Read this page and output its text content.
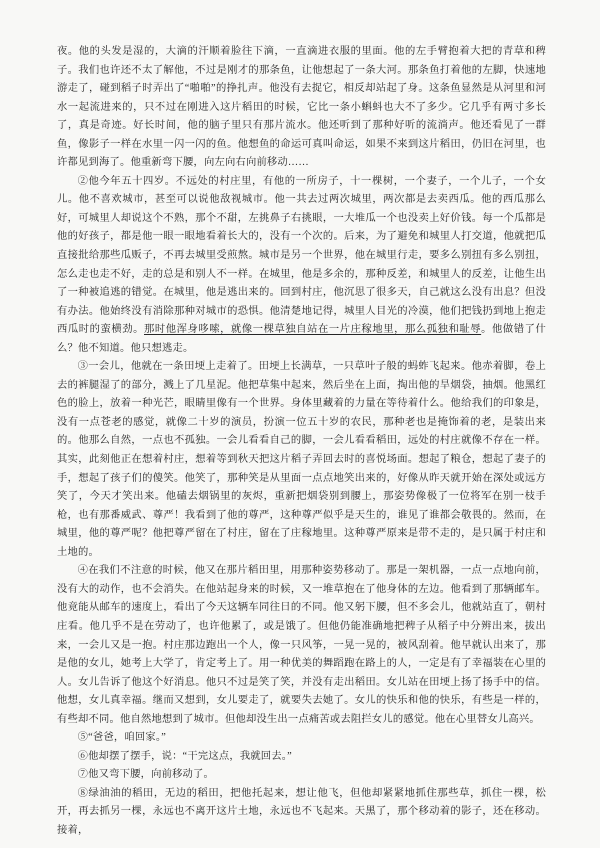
夜。他的头发是湿的，大滴的汗顺着脸往下滴，一直滴进衣服的里面。他的左手臂抱着大把的青草和稗子。我们也许还不太了解他，不过是刚才的那条鱼，让他想起了一条大河。那条鱼打着他的左脚，快速地游走了，碰到稻子时弄出了“啪啪”的挣扎声。他没有去捉它，相反却站起了身。这条鱼显然是从河里和河水一起流进来的，只不过在刚进入这片稻田的时候，它比一条小蝌蚪也大不了多少。它几乎有两寸多长了，真是奇迹。好长时间，他的脑子里只有那片流水。他还听到了那种好听的流淌声。他还看见了一群鱼，像影子一样在水里一闪一闪的鱼。他想鱼的命运可真叫命运，如果不来到这片稻田，仍旧在河里，也许都见到海了。他重新弯下腰，向左向右向前移动……

②他今年五十四岁。不远处的村庄里，有他的一所房子，十一棵树，一个妻子，一个儿子，一个女儿。他不喜欢城市，甚至可以说他敌视城市。他一共去过两次城里，两次都是去卖西瓜。他的西瓜那么好，可城里人却说这个不熟，那个不甜，左挑鼻子右挑眼，一大堆瓜一个也没卖上好价钱。每一个瓜都是他的好孩子，都是他一眼一眼地看着长大的，没有一个次的。后来，为了避免和城里人打交道，他就把瓜直接批给那些瓜贩子，不再去城里受煎熬。城市是另一个世界，他在城里行走，要多么别扭有多么别扭，怎么走也走不好，走的总是和别人不一样。在城里，他是多余的，那种反差，和城里人的反差，让他生出了一种被追逃的错觉。在城里，他是逃出来的。回到村庄，他沉思了很多天，自己就这么没有出息？但没有办法。他始终没有消除那种对城市的恐惧。他清楚地记得，城里人目光的冷漠，他们把钱扔到地上抱走西瓜时的蛮横劲。那时他浑身哆嗦，就像一棵草独自站在一片庄稼地里，那么孤独和耻辱。他做错了什么？他不知道。他只想逃走。

③一会儿，他就在一条田埂上走着了。田埂上长满草，一只草叶子般的蚂蚱飞起来。他赤着脚，卷上去的裤腿湿了的部分，溅上了几星泥。他把草集中起来，然后坐在上面，掏出他的旱烟袋，抽烟。他黑红色的脸上，放着一种光芒，眼睛里像有一个世界。身体里藏着的力量在等待着什么。他给我们的印象是，没有一点苍老的感觉，就像二十岁的演员，扮演一位五十岁的农民，那种老也是掩饰着的老，是装出来的。他那么自然，一点也不孤独。一会儿看看自己的脚，一会儿看看稻田，远处的村庄就像不存在一样。其实，此刻他正在想着村庄，想着等到秋天把这片稻子弄回去时的喜悦场面。想起了粮仓，想起了妻子的手，想起了孩子们的傻笑。他笑了，那种笑是从里面一点点地笑出来的，好像从昨天就开始在深处或远方笑了，今天才笑出来。他磕去烟锅里的灰烬，重新把烟袋别到腰上，那姿势像极了一位将军在别一枝手枪，也有那番威武、尊严！我看到了他的尊严，这种尊严似乎是天生的，谁见了谁都会敬畏的。然而，在城里，他的尊严呢？他把尊严留在了村庄，留在了庄稼地里。这种尊严原来是带不走的，是只属于村庄和土地的。

④在我们不注意的时候，他又在那片稻田里，用那种姿势移动了。那是一架机器，一点一点地向前，没有大的动作，也不会消失。在他站起身来的时候，又一堆草抱在了他身体的左边。他看到了那辆邮车。他竟能从邮车的速度上，看出了今天这辆车同往日的不同。他又躬下腰，但不多会儿，他就站直了，朝村庄看。他几乎不是在劳动了，也许他累了，或是饿了。但他仍能准确地把稗子从稻子中分辨出来，拔出来，一会儿又是一抱。村庄那边跑出一个人，像一只风筝，一晃一晃的，被风刮着。他早就认出来了，那是他的女儿，她考上大学了，肯定考上了。用一种优美的舞蹈跑在路上的人，一定是有了幸福装在心里的人。女儿告诉了他这个好消息。他只不过是笑了笑，并没有走出稻田。女儿站在田埂上扬了扬手中的信。他想，女儿真幸福。继而又想到，女儿要走了，就要失去她了。女儿的快乐和他的快乐，有些是一样的，有些却不同。他自然地想到了城市。但他却没生出一点痛苦或去阻拦女儿的感觉。他在心里替女儿高兴。

⑤“爸爸，咱回家。”

⑥他却摆了摆手，说：“干完这点，我就回去。”

⑦他又弯下腰，向前移动了。

⑧绿油油的稻田，无边的稻田，把他托起来，想让他飞，但他却紧紧地抓住那些草，抓住一棵，松开，再去抓另一棵，永远也不离开这片土地，永远也不飞起来。天黑了，那个移动着的影子，还在移动。接着，
